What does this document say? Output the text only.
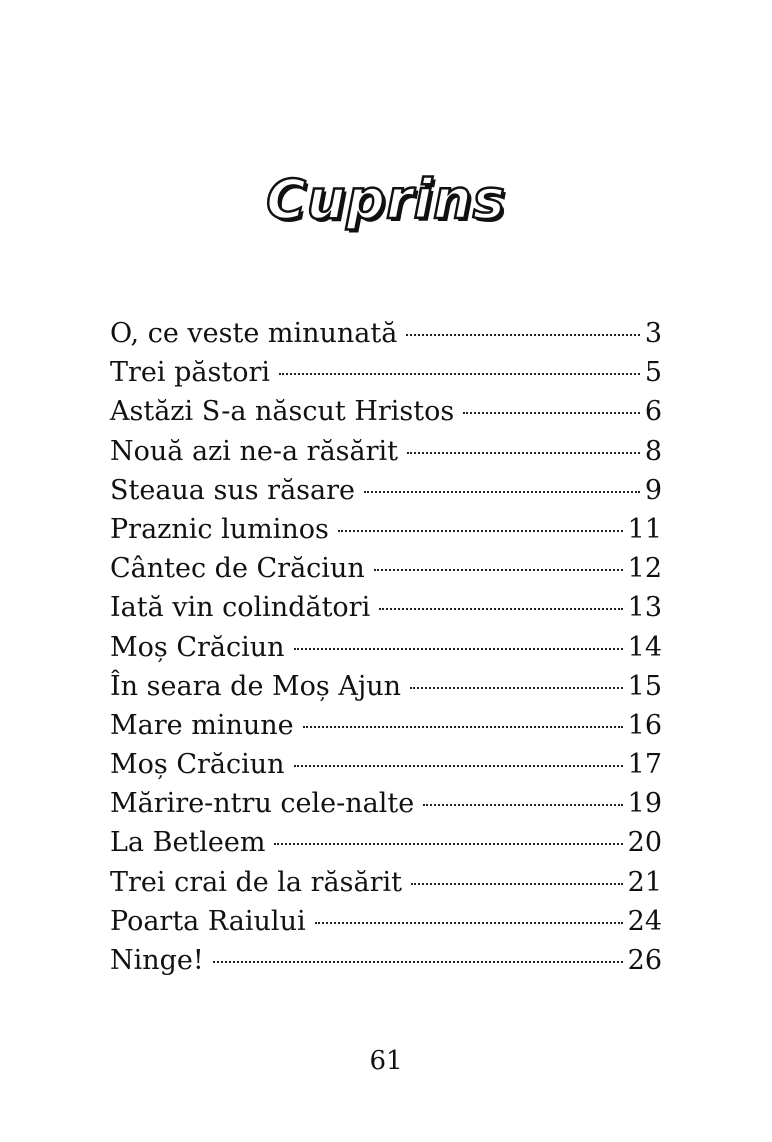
Cuprins
O, ce veste minunată	3
Trei păstori	5
Astăzi S-a născut Hristos	6
Nouă azi ne-a răsărit	8
Steaua sus răsare	9
Praznic luminos	11
Cântec de Crăciun	12
Iată vin colindători	13
Moș Crăciun	14
În seara de Moș Ajun	15
Mare minune	16
Moș Crăciun	17
Mărire-ntru cele-nalte	19
La Betleem	20
Trei crai de la răsărit	21
Poarta Raiului	24
Ninge!	26
61
